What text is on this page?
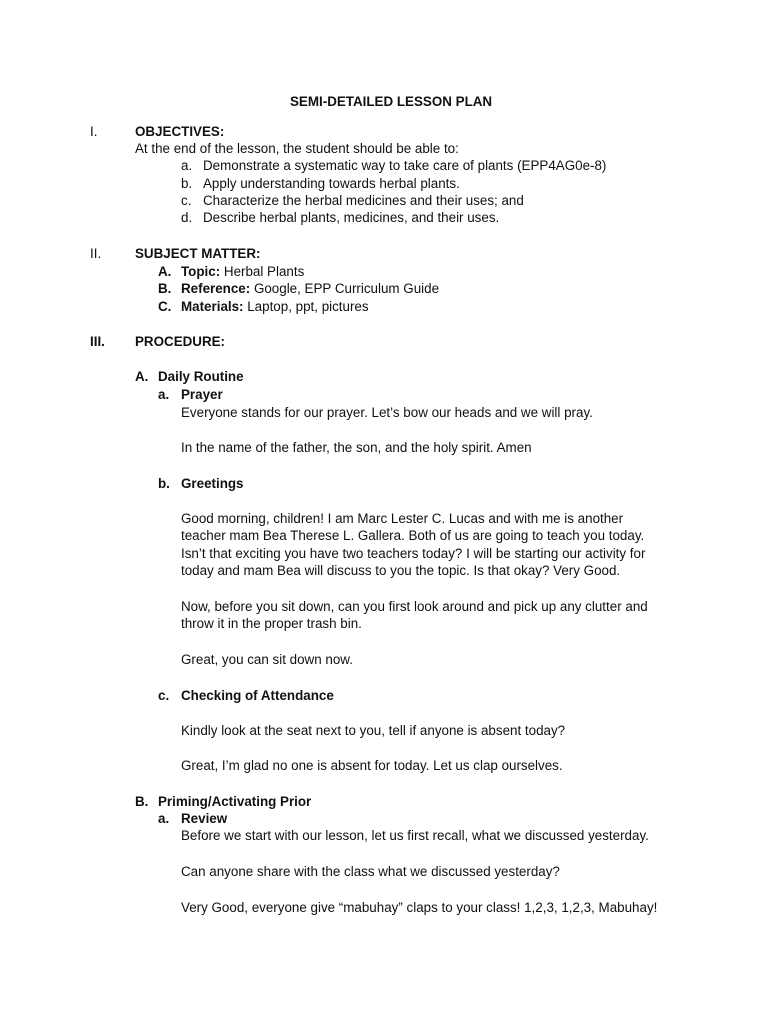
SEMI-DETAILED LESSON PLAN
I.	OBJECTIVES:
At the end of the lesson, the student should be able to:
a. Demonstrate a systematic way to take care of plants (EPP4AG0e-8)
b. Apply understanding towards herbal plants.
c. Characterize the herbal medicines and their uses; and
d. Describe herbal plants, medicines, and their uses.
II.	SUBJECT MATTER:
A. Topic: Herbal Plants
B. Reference: Google, EPP Curriculum Guide
C. Materials: Laptop, ppt, pictures
III. PROCEDURE:
A. Daily Routine
a. Prayer
Everyone stands for our prayer. Let’s bow our heads and we will pray.
In the name of the father, the son, and the holy spirit. Amen
b. Greetings
Good morning, children! I am Marc Lester C. Lucas and with me is another
teacher mam Bea Therese L. Gallera. Both of us are going to teach you today.
Isn’t that exciting you have two teachers today? I will be starting our activity for
today and mam Bea will discuss to you the topic. Is that okay? Very Good.
Now, before you sit down, can you first look around and pick up any clutter and
throw it in the proper trash bin.
Great, you can sit down now.
c. Checking of Attendance
Kindly look at the seat next to you, tell if anyone is absent today?
Great, I’m glad no one is absent for today. Let us clap ourselves.
B. Priming/Activating Prior
a. Review
Before we start with our lesson, let us first recall, what we discussed yesterday.
Can anyone share with the class what we discussed yesterday?
Very Good, everyone give “mabuhay” claps to your class! 1,2,3, 1,2,3, Mabuhay!
